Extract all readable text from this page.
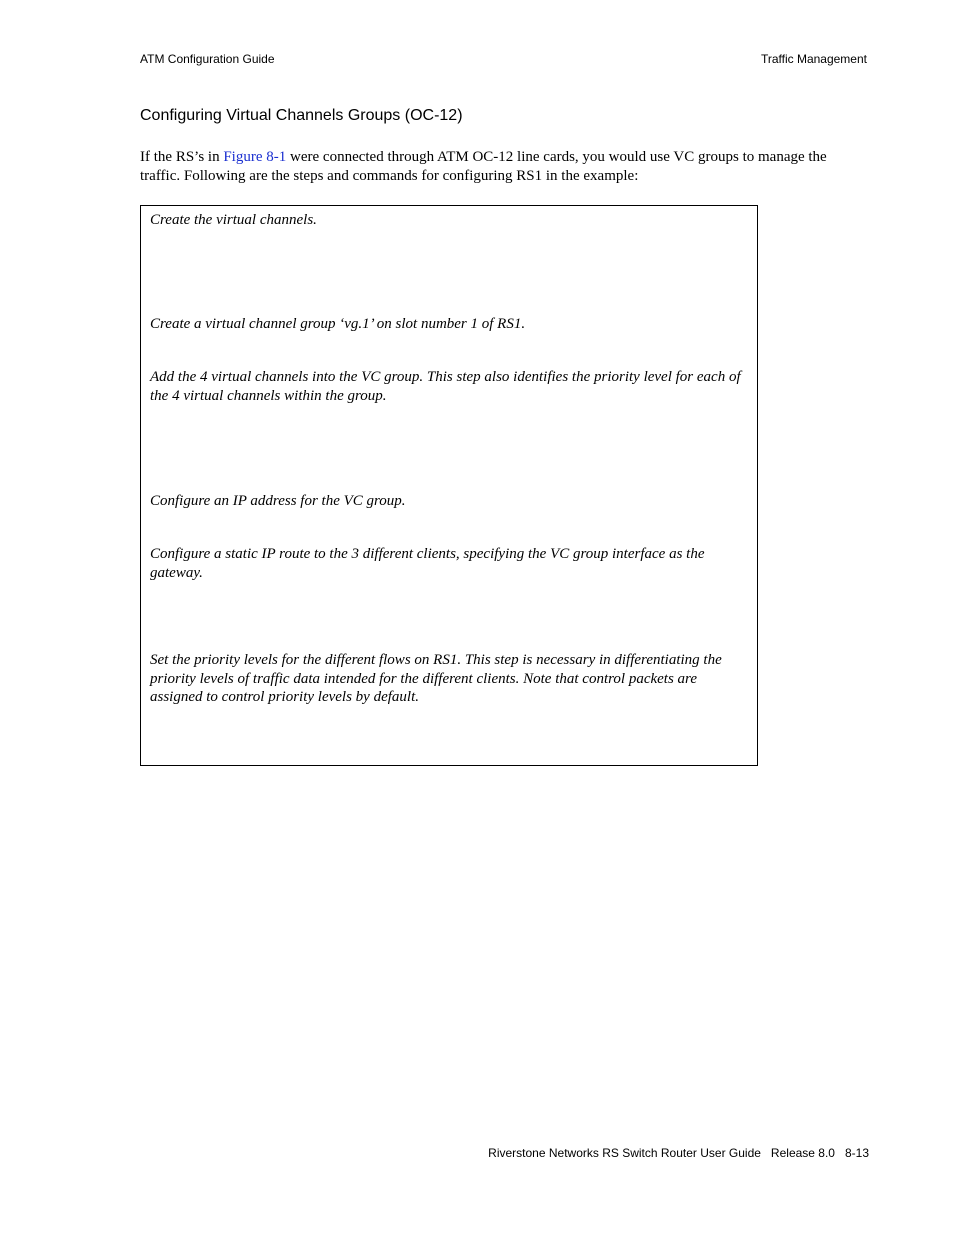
ATM Configuration Guide	Traffic Management
Configuring Virtual Channels Groups (OC-12)
If the RS’s in Figure 8-1 were connected through ATM OC-12 line cards, you would use VC groups to manage the traffic. Following are the steps and commands for configuring RS1 in the example:
Create the virtual channels.
Create a virtual channel group ‘vg.1’ on slot number 1 of RS1.
Add the 4 virtual channels into the VC group. This step also identifies the priority level for each of the 4 virtual channels within the group.
Configure an IP address for the VC group.
Configure a static IP route to the 3 different clients, specifying the VC group interface as the gateway.
Set the priority levels for the different flows on RS1. This step is necessary in differentiating the priority levels of traffic data intended for the different clients. Note that control packets are assigned to control priority levels by default.
Riverstone Networks RS Switch Router User Guide   Release 8.0   8-13
